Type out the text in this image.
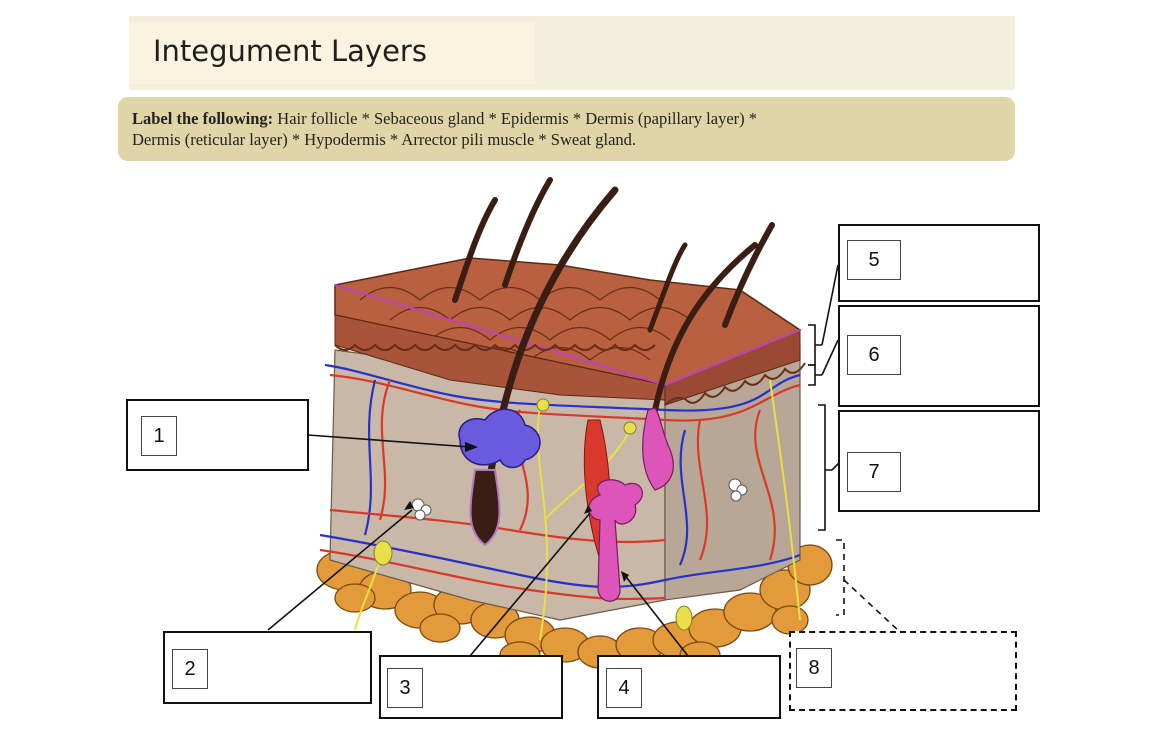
Integument Layers

Label the following: Hair follicle * Sebaceous gland * Epidermis * Dermis (papillary layer) *
Dermis (reticular layer) * Hypodermis * Arrector pili muscle * Sweat gland.

1
2
3	4
5
6
7
8
